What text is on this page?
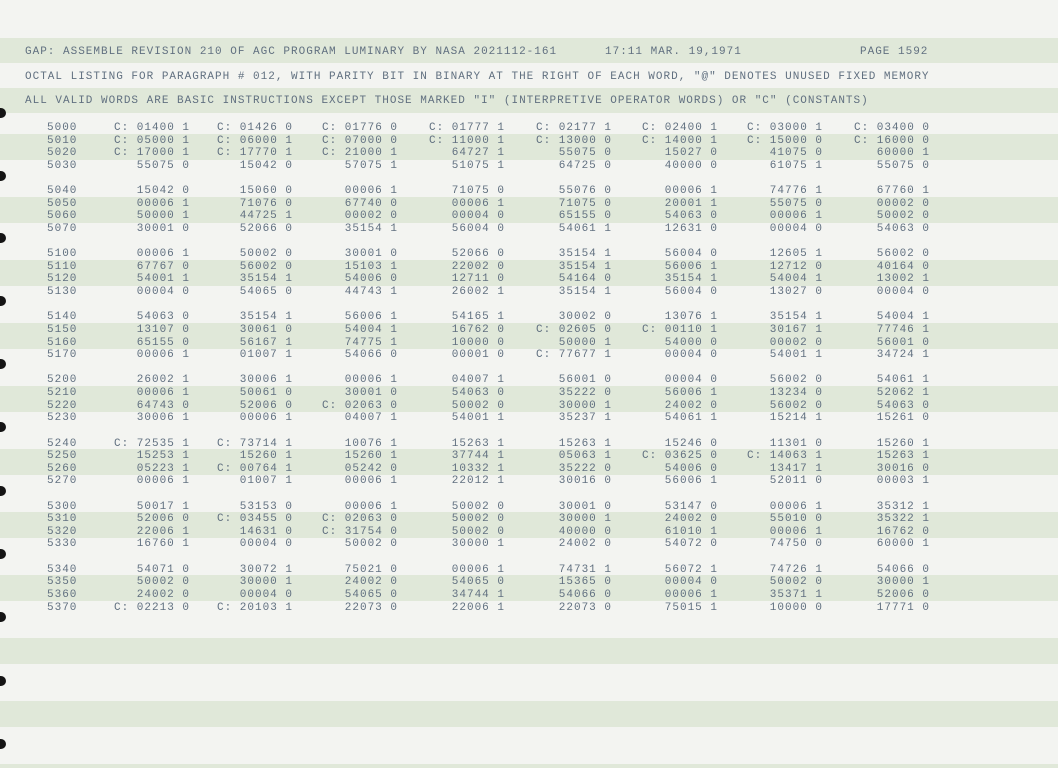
GAP: ASSEMBLE REVISION 210 OF AGC PROGRAM LUMINARY BY NASA 2021112-161	17:11 MAR. 19,1971	PAGE 1592
OCTAL LISTING FOR PARAGRAPH # 012, WITH PARITY BIT IN BINARY AT THE RIGHT OF EACH WORD, "@" DENOTES UNUSED FIXED MEMORY
ALL VALID WORDS ARE BASIC INSTRUCTIONS EXCEPT THOSE MARKED "I" (INTERPRETIVE OPERATOR WORDS) OR "C" (CONSTANTS)
5000	C: 01400 1	C: 01426 0	C: 01776 0	C: 01777 1	C: 02177 1	C: 02400 1	C: 03000 1	C: 03400 0
5010	C: 05000 1	C: 06000 1	C: 07000 0	C: 11000 1	C: 13000 0	C: 14000 1	C: 15000 0	C: 16000 0
5020	C: 17000 1	C: 17770 1	C: 21000 1	64727 1	55075 0	15027 0	41075 0	60000 1
5030	55075 0	15042 0	57075 1	51075 1	64725 0	40000 0	61075 1	55075 0
5040	15042 0	15060 0	00006 1	71075 0	55076 0	00006 1	74776 1	67760 1
5050	00006 1	71076 0	67740 0	00006 1	71075 0	20001 1	55075 0	00002 0
5060	50000 1	44725 1	00002 0	00004 0	65155 0	54063 0	00006 1	50002 0
5070	30001 0	52066 0	35154 1	56004 0	54061 1	12631 0	00004 0	54063 0
5100	00006 1	50002 0	30001 0	52066 0	35154 1	56004 0	12605 1	56002 0
5110	67767 0	56002 0	15103 1	22002 0	35154 1	56006 1	12712 0	40164 0
5120	54001 1	35154 1	54006 0	12711 0	54164 0	35154 1	54004 1	13002 1
5130	00004 0	54065 0	44743 1	26002 1	35154 1	56004 0	13027 0	00004 0
5140	54063 0	35154 1	56006 1	54165 1	30002 0	13076 1	35154 1	54004 1
5150	13107 0	30061 0	54004 1	16762 0	C: 02605 0	C: 00110 1	30167 1	77746 1
5160	65155 0	56167 1	74775 1	10000 0	50000 1	54000 0	00002 0	56001 0
5170	00006 1	01007 1	54066 0	00001 0	C: 77677 1	00004 0	54001 1	34724 1
5200	26002 1	30006 1	00006 1	04007 1	56001 0	00004 0	56002 0	54061 1
5210	00006 1	50061 0	30001 0	54063 0	35222 0	56006 1	13234 0	52062 1
5220	64743 0	52006 0	C: 02063 0	50002 0	30000 1	24002 0	56002 0	54063 0
5230	30006 1	00006 1	04007 1	54001 1	35237 1	54061 1	15214 1	15261 0
5240	C: 72535 1	C: 73714 1	10076 1	15263 1	15263 1	15246 0	11301 0	15260 1
5250	15253 1	15260 1	15260 1	37744 1	05063 1	C: 03625 0	C: 14063 1	15263 1
5260	05223 1	C: 00764 1	05242 0	10332 1	35222 0	54006 0	13417 1	30016 0
5270	00006 1	01007 1	00006 1	22012 1	30016 0	56006 1	52011 0	00003 1
5300	50017 1	53153 0	00006 1	50002 0	30001 0	53147 0	00006 1	35312 1
5310	52006 0	C: 03455 0	C: 02063 0	50002 0	30000 1	24002 0	55010 0	35322 1
5320	22006 1	14631 0	C: 31754 0	50002 0	40000 0	61010 1	00006 1	16762 0
5330	16760 1	00004 0	50002 0	30000 1	24002 0	54072 0	74750 0	60000 1
5340	54071 0	30072 1	75021 0	00006 1	74731 1	56072 1	74726 1	54066 0
5350	50002 0	30000 1	24002 0	54065 0	15365 0	00004 0	50002 0	30000 1
5360	24002 0	00004 0	54065 0	34744 1	54066 0	00006 1	35371 1	52006 0
5370	C: 02213 0	C: 20103 1	22073 0	22006 1	22073 0	75015 1	10000 0	17771 0
